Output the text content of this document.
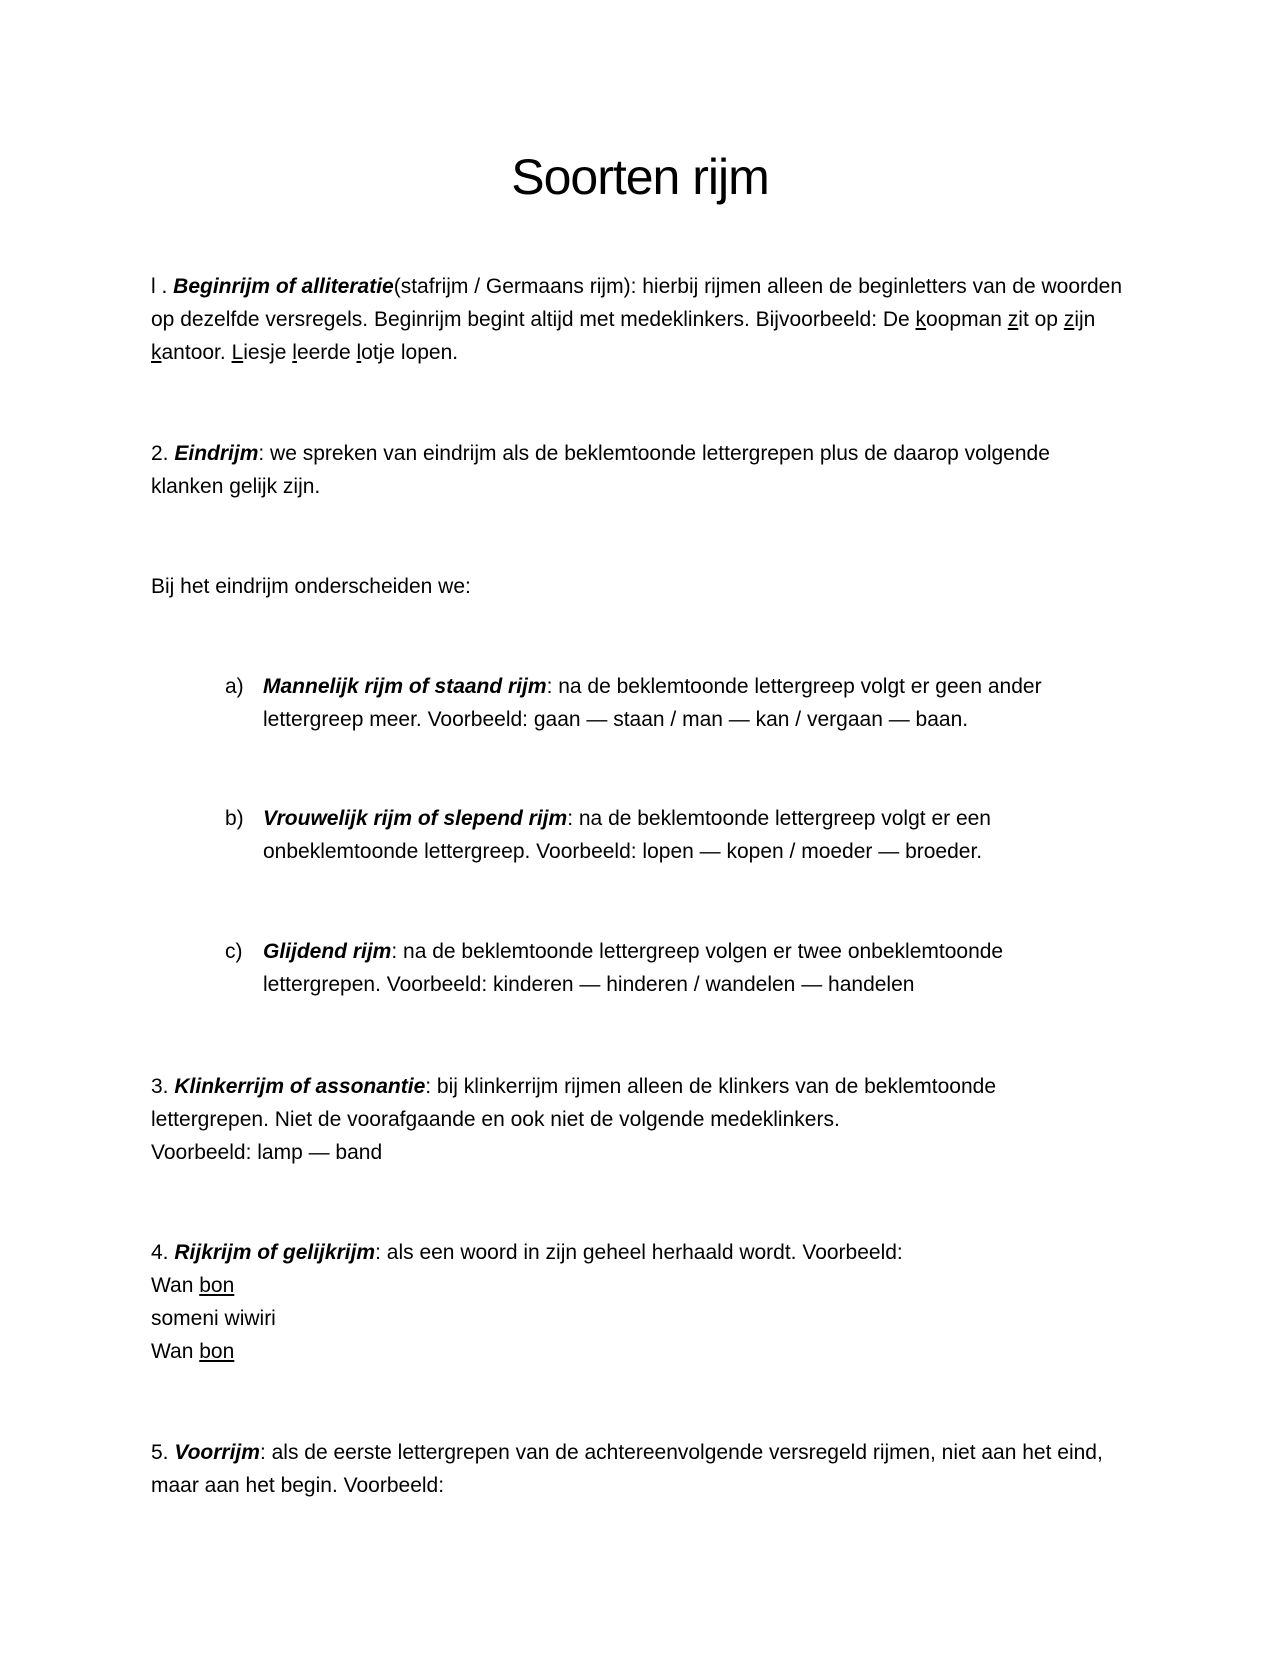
Soorten rijm
l . Beginrijm of alliteratie(stafrijm / Germaans rijm): hierbij rijmen alleen de beginletters van de woorden op dezelfde versregels. Beginrijm begint altijd met medeklinkers. Bijvoorbeeld: De koopman zit op zijn kantoor. Liesje leerde lotje lopen.
2. Eindrijm: we spreken van eindrijm als de beklemtoonde lettergrepen plus de daarop volgende klanken gelijk zijn.
Bij het eindrijm onderscheiden we:
a) Mannelijk rijm of staand rijm: na de beklemtoonde lettergreep volgt er geen ander lettergreep meer. Voorbeeld: gaan — staan / man — kan / vergaan — baan.
b) Vrouwelijk rijm of slepend rijm: na de beklemtoonde lettergreep volgt er een onbeklemtoonde lettergreep. Voorbeeld: lopen — kopen / moeder — broeder.
c) Glijdend rijm: na de beklemtoonde lettergreep volgen er twee onbeklemtoonde lettergrepen. Voorbeeld: kinderen — hinderen / wandelen — handelen
3. Klinkerrijm of assonantie: bij klinkerrijm rijmen alleen de klinkers van de beklemtoonde lettergrepen. Niet de voorafgaande en ook niet de volgende medeklinkers.
Voorbeeld: lamp — band
4. Rijkrijm of gelijkrijm: als een woord in zijn geheel herhaald wordt. Voorbeeld:
Wan bon
someni wiwiri
Wan bon
5. Voorrijm: als de eerste lettergrepen van de achtereenvolgende versregeld rijmen, niet aan het eind, maar aan het begin. Voorbeeld:
